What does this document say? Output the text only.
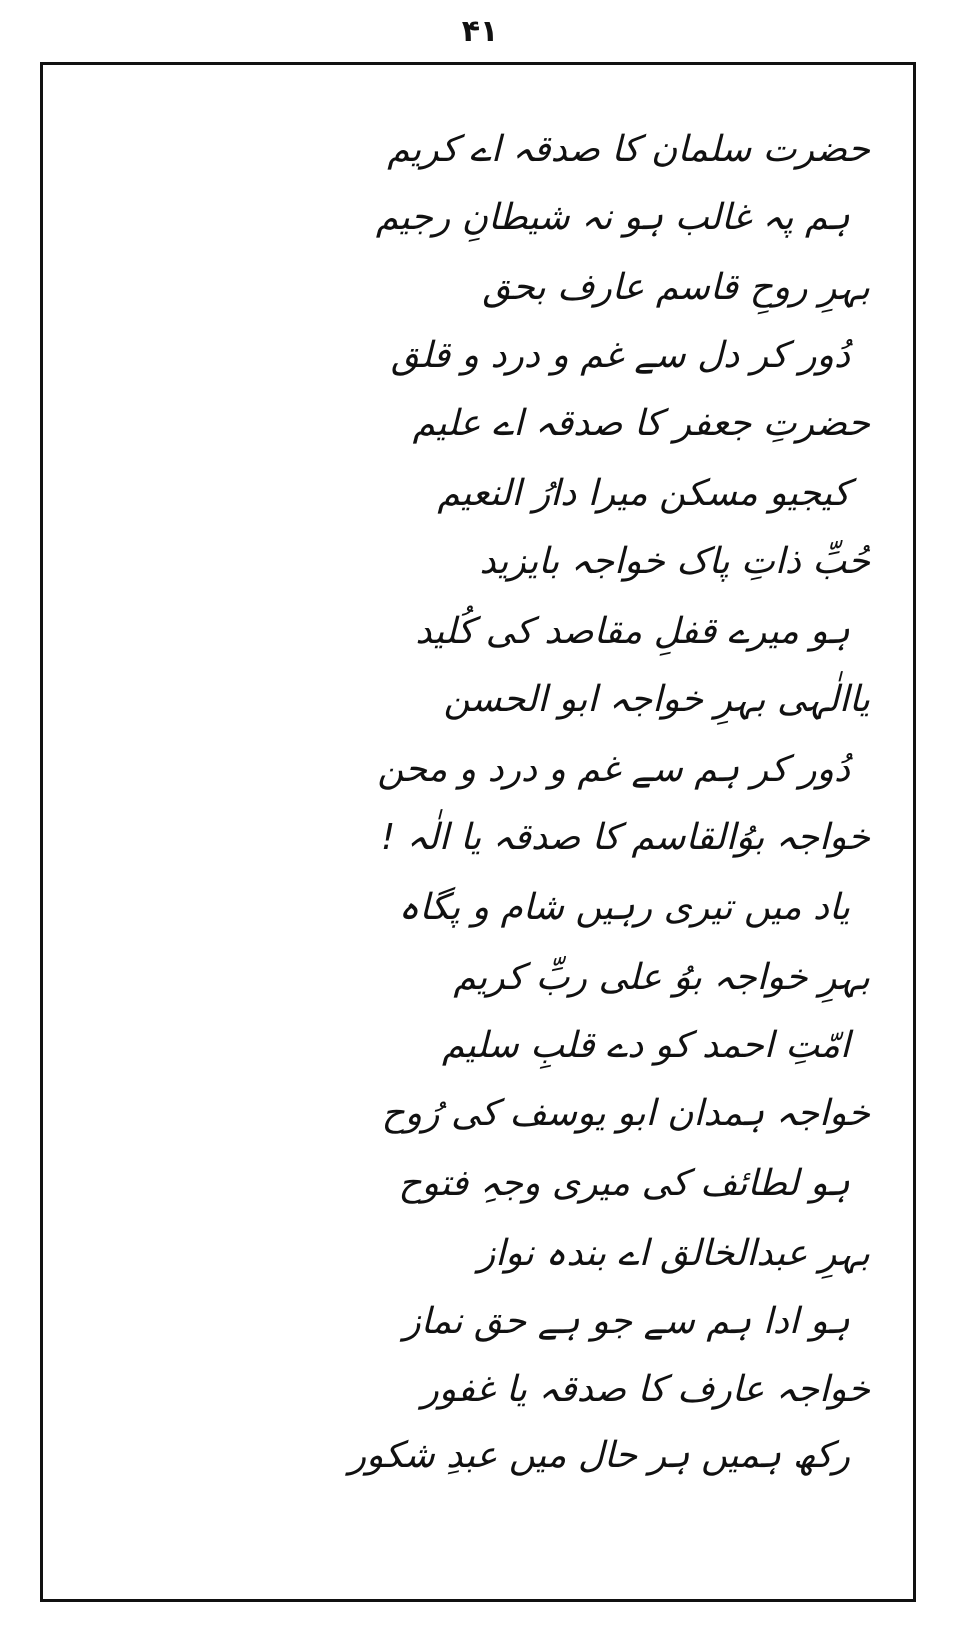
۴۱
حضرت سلمان کا صدقہ اے کریم
ہم پہ غالب ہو نہ شیطانِ رجیم
بہرِ روحِ قاسم عارف بحق
دُور کر دل سے غم و درد و قلق
حضرتِ جعفر کا صدقہ اے علیم
کیجیو مسکن میرا دارُ النعیم
حُبِّ ذاتِ پاک خواجہ بایزید
ہو میرے قفلِ مقاصد کی کُلید
یاالٰہی بہرِ خواجہ ابو الحسن
دُور کر ہم سے غم و درد و محن
خواجہ بوُالقاسم کا صدقہ یا الٰہ !
یاد میں تیری رہیں شام و پگاہ
بہرِ خواجہ بوُ علی ربِّ کریم
امّتِ احمد کو دے قلبِ سلیم
خواجہ ہمدان ابو یوسف کی رُوح
ہو لطائف کی میری وجہِ فتوح
بہرِ عبدالخالق اے بندہ نواز
ہو ادا ہم سے جو ہے حق نماز
خواجہ عارف کا صدقہ یا غفور
رکھ ہمیں ہر حال میں عبدِ شکور
